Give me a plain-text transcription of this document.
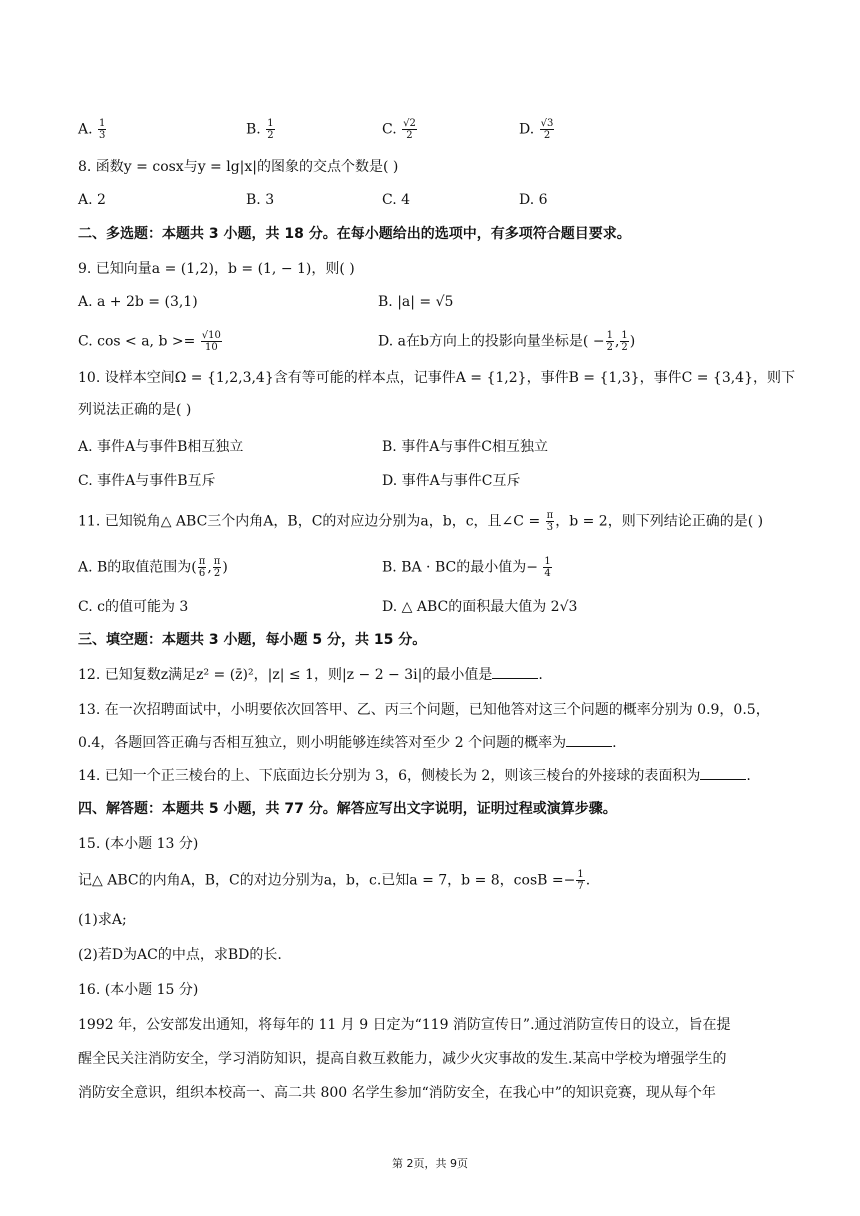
A. $\frac{1}{3}$	B. $\frac{1}{2}$	C. $\frac{√2}{2}$	D. $\frac{√3}{2}$
8. 函数y = cosx与y = lg|x|的图象的交点个数是( )
A. 2	B. 3	C. 4	D. 6
二、多选题：本题共 3 小题，共 18 分。在每小题给出的选项中，有多项符合题目要求。
9. 已知向量a = (1,2)，b = (1, − 1)，则( )
A. a + 2b = (3,1)	B. |a| = √5
C. cos < a, $b >= \frac{√10}{10}$	D. a在b方向上的投影向量坐标是( − $\frac{1}{2}$ , $\frac{1}{2}$ )
10. 设样本空间Ω = {1,2,3,4}含有等可能的样本点，记事件A = {1,2}，事件B = {1,3}，事件C = {3,4}，则下
列说法正确的是( )
A. 事件A与事件B相互独立	B. 事件A与事件C相互独立
C. 事件A与事件B互斥	D. 事件A与事件C互斥
11. 已知锐角△ ABC三个内角A，B，C的对应边分别为a，b，c，且∠C = $\frac{\pi}{3}$ ，b = 2，则下列结论正确的是( )
A. B的取值范围为( $\frac{\pi}{6}$ , $\frac{\pi}{2}$ )	B. BA · BC的最小值为− $\frac{1}{4}$
C. c的值可能为 3	D. △ ABC的面积最大值为 2√3
三、填空题：本题共 3 小题，每小题 5 分，共 15 分。
12. 已知复数z满足z² = (z̄)²，|z| ≤ 1，则|z − 2 − 3i|的最小值是	.
13. 在一次招聘面试中，小明要依次回答甲、乙、丙三个问题，已知他答对这三个问题的概率分别为 0.9，0.5，
0.4，各题回答正确与否相互独立，则小明能够连续答对至少 2 个问题的概率为	.
14. 已知一个正三棱台的上、下底面边长分别为 3，6，侧棱长为 2，则该三棱台的外接球的表面积为	.
四、解答题：本题共 5 小题，共 77 分。解答应写出文字说明，证明过程或演算步骤。
15. (本小题 13 分)
记△ ABC的内角A，B，C的对边分别为a，b，c.已知a = 7，b = 8，$\cos B =- \frac{1}{7}$ .
(1)求A;
(2)若D为AC的中点，求BD的长.
16. (本小题 15 分)
1992 年，公安部发出通知，将每年的 11 月 9 日定为“119 消防宣传日”.通过消防宣传日的设立，旨在提
醒全民关注消防安全，学习消防知识，提高自救互救能力，减少火灾事故的发生.某高中学校为增强学生的
消防安全意识，组织本校高一、高二共 800 名学生参加“消防安全，在我心中”的知识竞赛，现从每个年
第 2页，共 9页
